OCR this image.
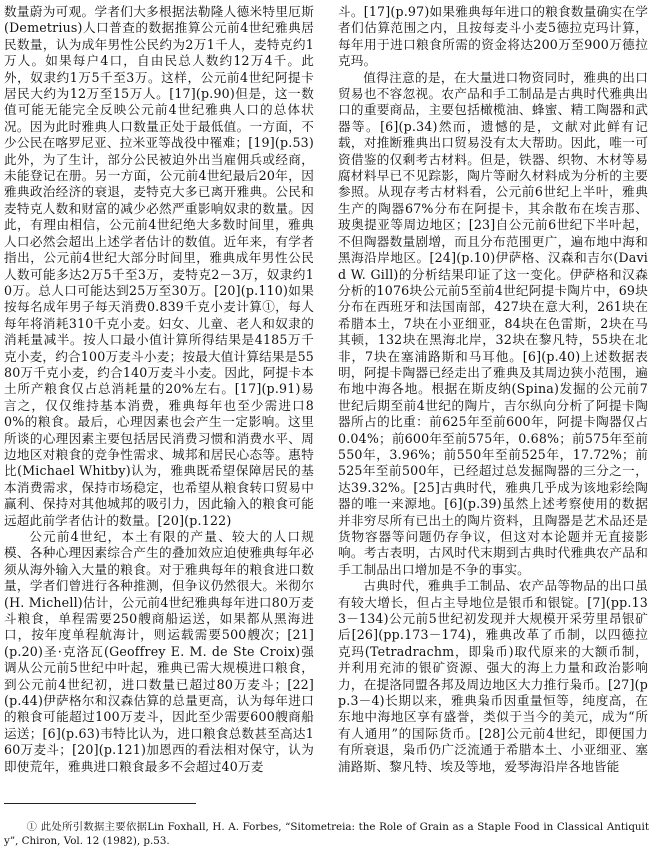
数量蔚为可观。学者们大多根据法勒隆人德米特里厄斯(Demetrius)人口普查的数据推算公元前4世纪雅典居民数量，认为成年男性公民约为2万1千人，麦特克约1万人。如果每户4口，自由民总人数约12万4千。此外，奴隶约1万5千至3万。这样，公元前4世纪阿提卡居民大约为12万至15万人。[17](p.90)但是，这一数值可能无能完全反映公元前4世纪雅典人口的总体状况。因为此时雅典人口数量正处于最低值。一方面，不少公民在喀罗尼亚、拉米亚等战役中罹难；[19](p.53)此外，为了生计，部分公民被迫外出当雇佣兵或经商，未能登记在册。另一方面，公元前4世纪最后20年，因雅典政治经济的衰退，麦特克大多已离开雅典。公民和麦特克人数和财富的减少必然严重影响奴隶的数量。因此，有理由相信，公元前4世纪绝大多数时间里，雅典人口必然会超出上述学者估计的数值。近年来，有学者指出，公元前4世纪大部分时间里，雅典成年男性公民人数可能多达2万5千至3万，麦特克2－3万，奴隶约10万。总人口可能达到25万至30万。[20](p.110)如果按每名成年男子每天消费0.839千克小麦计算①，每人每年将消耗310千克小麦。妇女、儿童、老人和奴隶的消耗量减半。按人口最小值计算所得结果是4185万千克小麦，约合100万麦斗小麦；按最大值计算结果是5580万千克小麦，约合140万麦斗小麦。因此，阿提卡本土所产粮食仅占总消耗量的20%左右。[17](p.91)易言之，仅仅维持基本消费，雅典每年也至少需进口80%的粮食。最后，心理因素也会产生一定影响。这里所谈的心理因素主要包括居民消费习惯和消费水平、周边地区对粮食的竞争性需求、城邦和居民心态等。惠特比(Michael Whitby)认为，雅典既希望保障居民的基本消费需求，保持市场稳定，也希望从粮食转口贸易中赢利、保持对其他城邦的吸引力，因此输入的粮食可能远超此前学者估计的数量。[20](p.122)

公元前4世纪，本土有限的产量、较大的人口规模、各种心理因素综合产生的叠加效应迫使雅典每年必须从海外输入大量的粮食。对于雅典每年的粮食进口数量，学者们曾进行各种推测，但争议仍然很大。米彻尔(H. Michell)估计，公元前4世纪雅典每年进口80万麦斗粮食，单程需要250艘商船运送，如果都从黑海进口，按年度单程航海计，则运载需要500艘次；[21](p.20)圣·克洛瓦(Geoffrey E. M. de Ste Croix)强调从公元前5世纪中叶起，雅典已需大规模进口粮食，到公元前4世纪初，进口数量已超过80万麦斗；[22](p.44)伊萨格尔和汉森估算的总量更高，认为每年进口的粮食可能超过100万麦斗，因此至少需要600艘商船运送；[6](p.63)韦特比认为，进口粮食总数甚至高达160万麦斗；[20](p.121)加恩西的看法相对保守，认为即使荒年，雅典进口粮食最多不会超过40万麦

斗。[17](p.97)如果雅典每年进口的粮食数量确实在学者们估算范围之内，且按每麦斗小麦5德拉克玛计算，每年用于进口粮食所需的资金将达200万至900万德拉克玛。

值得注意的是，在大量进口物资同时，雅典的出口贸易也不容忽视。农产品和手工制品是古典时代雅典出口的重要商品，主要包括橄榄油、蜂蜜、精工陶器和武器等。[6](p.34)然而，遗憾的是，文献对此鲜有记载，对推断雅典出口贸易没有太大帮助。因此，唯一可资借鉴的仅剩考古材料。但是，铁器、织物、木材等易腐材料早已不见踪影，陶片等耐久材料成为分析的主要参照。从现存考古材料看，公元前6世纪上半叶，雅典生产的陶器67%分布在阿提卡，其余散布在埃吉那、玻奥提亚等周边地区；[23]自公元前6世纪下半叶起，不但陶器数量剧增，而且分布范围更广，遍布地中海和黑海沿岸地区。[24](p.10)伊萨格、汉森和吉尔(David W. Gill)的分析结果印证了这一变化。伊萨格和汉森分析的1076块公元前5至前4世纪阿提卡陶片中，69块分布在西班牙和法国南部，427块在意大利，261块在希腊本土，7块在小亚细亚，84块在色雷斯，2块在马其顿，132块在黑海北岸，32块在黎凡特，55块在北非，7块在塞浦路斯和马耳他。[6](p.40)上述数据表明，阿提卡陶器已经走出了雅典及其周边狭小范围，遍布地中海各地。根据在斯皮纳(Spina)发掘的公元前7世纪后期至前4世纪的陶片，吉尔纵向分析了阿提卡陶器所占的比重：前625年至前600年，阿提卡陶器仅占0.04%；前600年至前575年，0.68%；前575年至前550年，3.96%；前550年至前525年，17.72%；前525年至前500年，已经超过总发掘陶器的三分之一，达39.32%。[25]古典时代，雅典几乎成为该地彩绘陶器的唯一来源地。[6](p.39)虽然上述考察使用的数据并非穷尽所有已出土的陶片资料，且陶器是艺术品还是货物容器等问题仍存争议，但这对本论题并无直接影响。考古表明，古风时代末期到古典时代雅典农产品和手工制品出口增加是不争的事实。

古典时代，雅典手工制品、农产品等物品的出口虽有较大增长，但占主导地位是银币和银锭。[7](pp.133－134)公元前5世纪初发现并大规模开采劳里昂银矿后[26](pp.173－174)，雅典改革了币制，以四德拉克玛(Tetradrachm，即枭币)取代原来的大额币制，并利用充沛的银矿资源、强大的海上力量和政治影响力，在提洛同盟各邦及周边地区大力推行枭币。[27](pp.3－4)长期以来，雅典枭币因重量恒等，纯度高，在东地中海地区享有盛誉，类似于当今的美元，成为“所有人通用”的国际货币。[28]公元前4世纪，即便国力有所衰退，枭币仍广泛流通于希腊本土、小亚细亚、塞浦路斯、黎凡特、埃及等地，爱琴海沿岸各地皆能

① 此处所引数据主要依据Lin Foxhall, H. A. Forbes, “Sitometreia: the Role of Grain as a Staple Food in Classical Antiquity”, Chiron, Vol. 12 (1982), p.53.
